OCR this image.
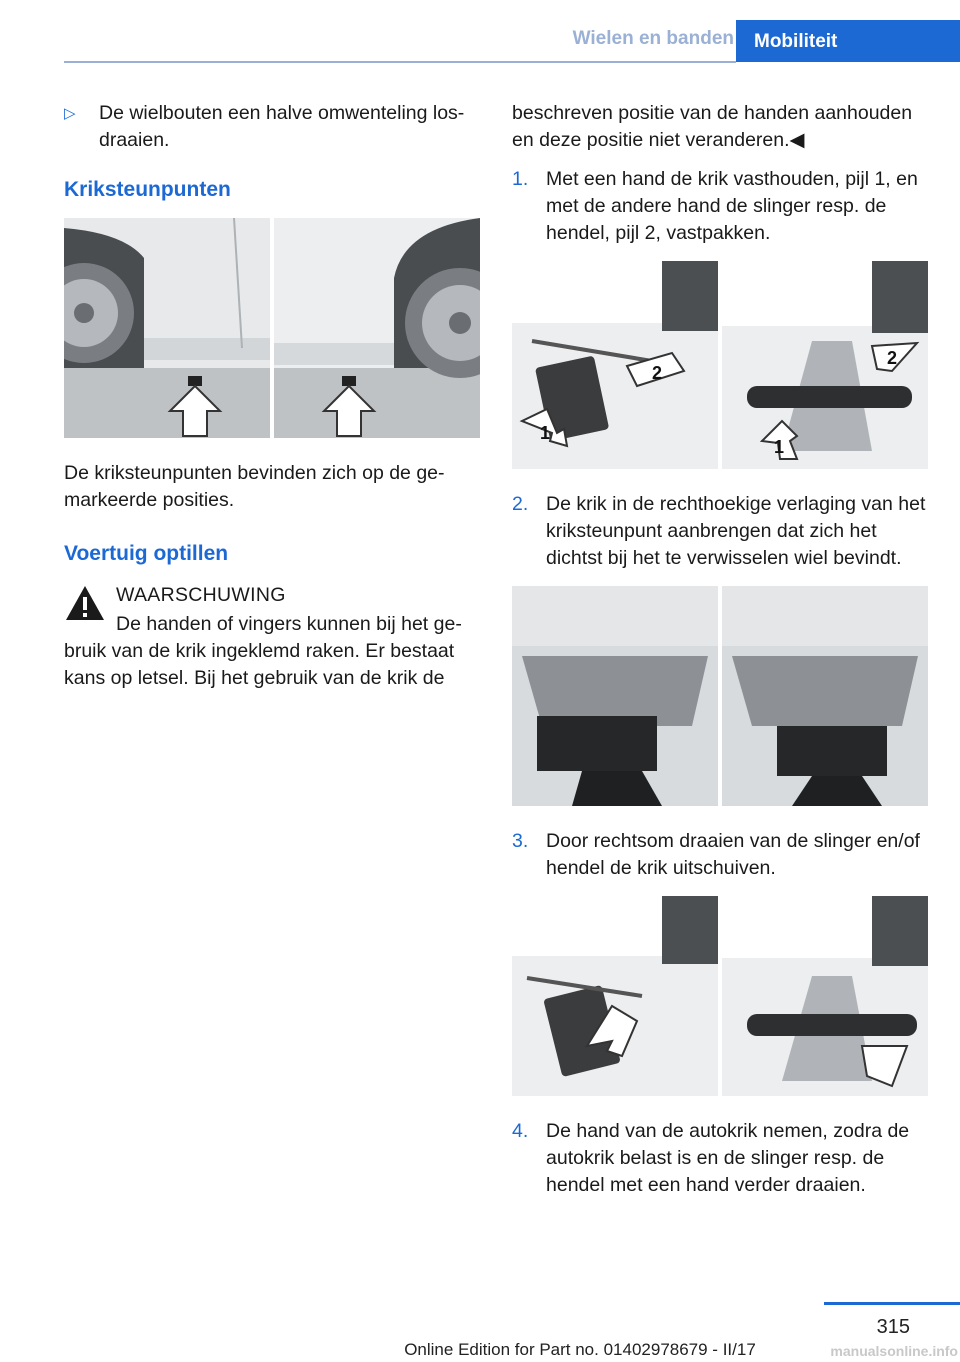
Wielen en banden	Mobiliteit
▷ De wielbouten een halve omwenteling los-draaien.
Kriksteunpunten

De kriksteunpunten bevinden zich op de ge-markeerde posities.

Voertuig optillen
WAARSCHUWING
De handen of vingers kunnen bij het ge-
bruik van de krik ingeklemd raken. Er bestaat kans op letsel. Bij het gebruik van de krik de

beschreven positie van de handen aanhouden en deze positie niet veranderen.◀

1. Met een hand de krik vasthouden, pijl 1, en met de andere hand de slinger resp. de hendel, pijl 2, vastpakken.
1
2
1
2
2. De krik in de rechthoekige verlaging van het kriksteunpunt aanbrengen dat zich het dichtst bij het te verwisselen wiel bevindt.
3. Door rechtsom draaien van de slinger en/of hendel de krik uitschuiven.
4. De hand van de autokrik nemen, zodra de autokrik belast is en de slinger resp. de hendel met een hand verder draaien.
315
Online Edition for Part no. 01402978679 - II/17	manualsonline.info
